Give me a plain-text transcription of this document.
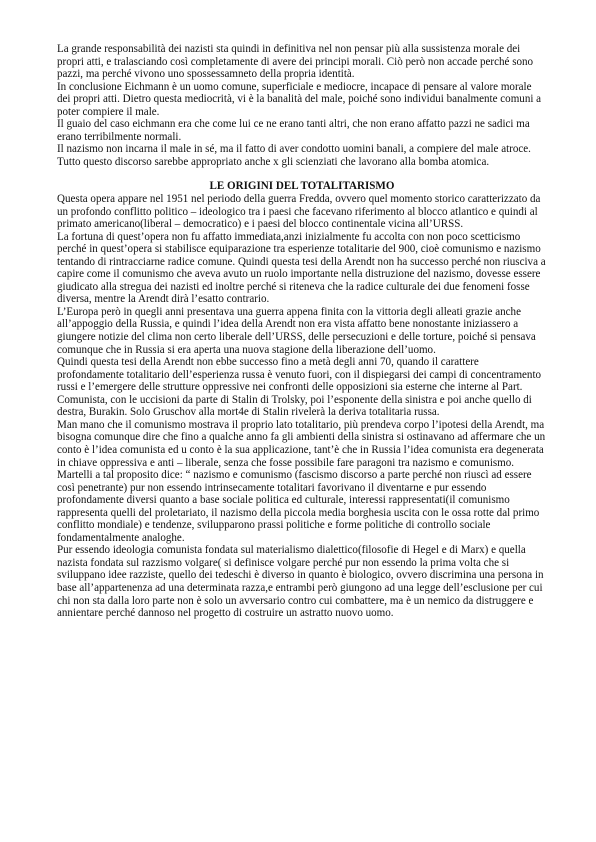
La grande responsabilità dei nazisti sta quindi in definitiva nel non pensar più alla sussistenza morale dei propri atti, e tralasciando così completamente di avere dei principi morali. Ciò però non accade perché sono pazzi, ma perché vivono uno spossessamneto della propria identità.

In conclusione Eichmann è un uomo comune, superficiale e mediocre, incapace di pensare al valore morale dei propri atti. Dietro questa mediocrità, vi è la banalità del male, poiché sono individui banalmente comuni a poter compiere il male.

Il guaio del caso eichmann era che come lui ce ne erano tanti altri, che non erano affatto pazzi ne sadici ma erano terribilmente normali.

Il nazismo non incarna il male in sé, ma il fatto di aver condotto uomini banali, a compiere del male atroce.

Tutto questo discorso sarebbe appropriato anche x gli scienziati che lavorano alla bomba atomica.

LE ORIGINI DEL TOTALITARISMO

Questa opera appare nel 1951 nel periodo della guerra Fredda, ovvero quel momento storico caratterizzato da un profondo conflitto politico – ideologico tra i paesi che facevano riferimento al blocco atlantico e quindi al primato americano(liberal – democratico) e i paesi del blocco continentale vicina all’URSS.

La fortuna di quest’opera non fu affatto immediata,anzi inizialmente fu accolta con non poco scetticismo perché in quest’opera si stabilisce equiparazione tra esperienze totalitarie del 900, cioè comunismo e nazismo tentando di rintracciarne radice comune. Quindi questa tesi della Arendt non ha successo perché non riusciva a capire come il comunismo che aveva avuto un ruolo importante nella distruzione del nazismo, dovesse essere giudicato alla stregua dei nazisti ed inoltre perché si riteneva che la radice culturale dei due fenomeni fosse diversa, mentre la Arendt dirà l’esatto contrario.

L’Europa però in quegli anni presentava una guerra appena finita con la vittoria degli alleati grazie anche all’appoggio della Russia, e quindi l’idea della Arendt non era vista affatto bene nonostante iniziassero a giungere notizie del clima non certo liberale dell’URSS, delle persecuzioni e delle torture, poiché si pensava comunque che in Russia si era aperta una nuova stagione della liberazione dell’uomo.

Quindi questa tesi della Arendt non ebbe successo fino a metà degli anni 70, quando il carattere profondamente totalitario dell’esperienza russa è venuto fuori, con il dispiegarsi dei campi di concentramento russi e l’emergere delle strutture oppressive nei confronti delle opposizioni sia esterne che interne al Part. Comunista, con le uccisioni da parte di Stalin di Trolsky, poi l’esponente della sinistra e poi anche quello di destra, Burakin. Solo Gruschov alla mort4e di Stalin rivelerà la deriva totalitaria russa.

Man mano che il comunismo mostrava il proprio lato totalitario, più prendeva corpo l’ipotesi della Arendt, ma bisogna comunque dire che fino a qualche anno fa gli ambienti della sinistra si ostinavano ad affermare che un conto è l’idea comunista ed u conto è la sua applicazione, tant’è che in Russia l’idea comunista era degenerata in chiave oppressiva e anti – liberale, senza che fosse possibile fare paragoni tra nazismo e comunismo.

Martelli a tal proposito dice: “ nazismo e comunismo (fascismo discorso a parte perché non riuscì ad essere così penetrante) pur non essendo intrinsecamente totalitari favorivano il diventarne e pur essendo profondamente diversi quanto a base sociale politica ed culturale, interessi rappresentati(il comunismo rappresenta quelli del proletariato, il nazismo della piccola media borghesia uscita con le ossa rotte dal primo conflitto mondiale) e tendenze, svilupparono prassi politiche e forme politiche di controllo sociale fondamentalmente analoghe.

Pur essendo ideologia comunista fondata sul materialismo dialettico(filosofie di Hegel e di Marx) e quella nazista fondata sul razzismo volgare( si definisce volgare perché pur non essendo la prima volta che si sviluppano idee razziste, quello dei tedeschi è diverso in quanto è biologico, ovvero discrimina una persona in base all’appartenenza ad una determinata razza,e entrambi però giungono ad una legge dell’esclusione per cui chi non sta dalla loro parte non è solo un avversario contro cui combattere, ma è un nemico da distruggere e annientare perché dannoso nel progetto di costruire un astratto nuovo uomo.
